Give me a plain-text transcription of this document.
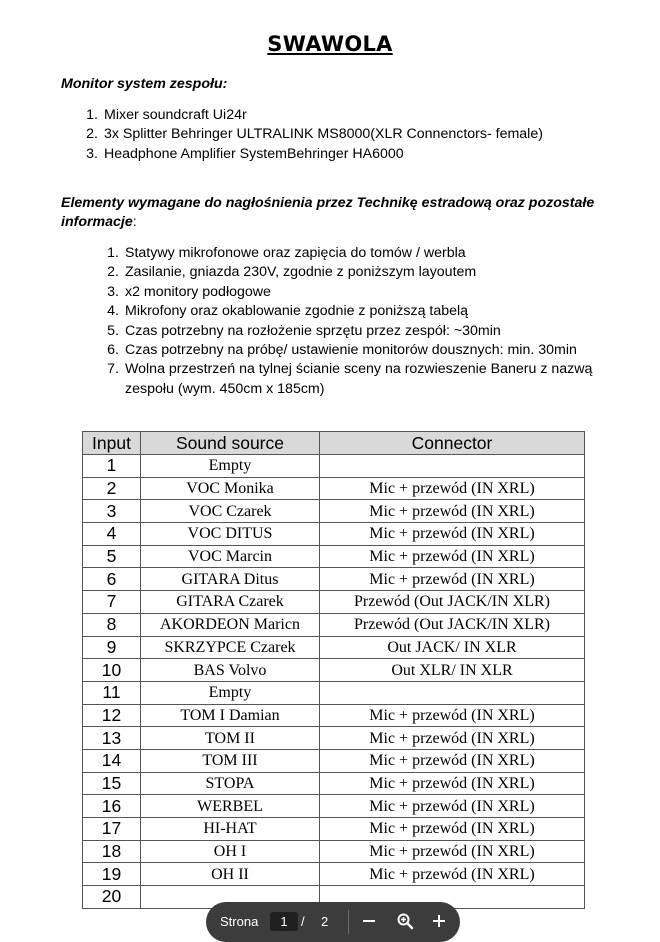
SWAWOLA
Monitor system zespołu:
1. Mixer soundcraft Ui24r
2. 3x Splitter Behringer ULTRALINK MS8000(XLR Connenctors- female)
3. Headphone Amplifier SystemBehringer HA6000
Elementy wymagane do nagłośnienia przez Technikę estradową oraz pozostałe informacje:
1. Statywy mikrofonowe oraz zapięcia do tomów / werbla
2. Zasilanie, gniazda 230V, zgodnie z poniższym layoutem
3. x2 monitory podłogowe
4. Mikrofony oraz okablowanie zgodnie z poniższą tabelą
5. Czas potrzebny na rozłożenie sprzętu przez zespół: ~30min
6. Czas potrzebny na próbę/ ustawienie monitorów dousznych: min. 30min
7. Wolna przestrzeń na tylnej ścianie sceny na rozwieszenie Baneru z nazwą zespołu (wym. 450cm x 185cm)
Input	Sound source	Connector
1	Empty	
2	VOC Monika	Mic + przewód (IN XRL)
3	VOC Czarek	Mic + przewód (IN XRL)
4	VOC DITUS	Mic + przewód (IN XRL)
5	VOC Marcin	Mic + przewód (IN XRL)
6	GITARA Ditus	Mic + przewód (IN XRL)
7	GITARA Czarek	Przewód (Out JACK/IN XLR)
8	AKORDEON Maricn	Przewód (Out JACK/IN XLR)
9	SKRZYPCE Czarek	Out JACK/ IN XLR
10	BAS Volvo	Out XLR/ IN XLR
11	Empty	
12	TOM I Damian	Mic + przewód (IN XRL)
13	TOM II	Mic + przewód (IN XRL)
14	TOM III	Mic + przewód (IN XRL)
15	STOPA	Mic + przewód (IN XRL)
16	WERBEL	Mic + przewód (IN XRL)
17	HI-HAT	Mic + przewód (IN XRL)
18	OH I	Mic + przewód (IN XRL)
19	OH II	Mic + przewód (IN XRL)
20		
Strona	1	/ 2
